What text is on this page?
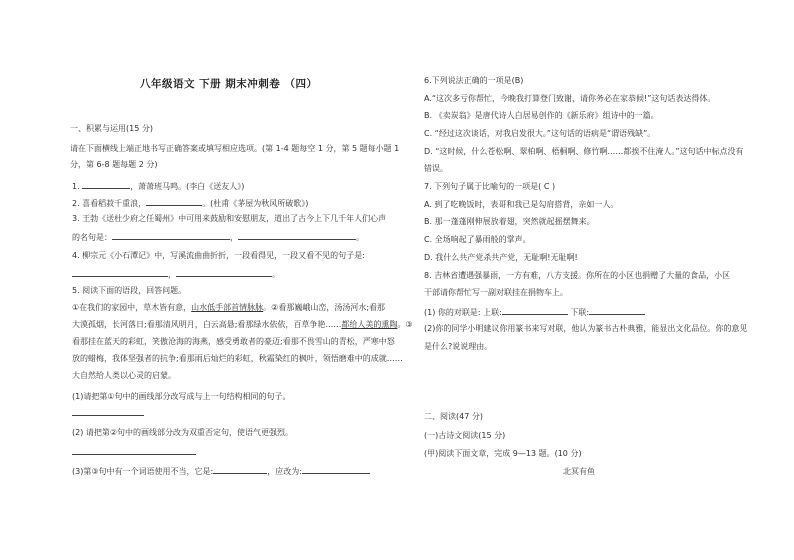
八年级语文 下册 期末冲刺卷 （四）
一、积累与运用(15 分)
请在下面横线上端正地书写正确答案或填写相应选项。(第 1-4 题每空 1 分，第 5 题每小题 1
分，第 6-8 题每题 2 分)
1.	，萧萧班马鸣。(李白《送友人》)
2. 喜看稻菽千重浪，	。(杜甫《茅屋为秋风所破歌》)
3. 王勃《送杜少府之任蜀州》中可用来鼓励和安慰朋友，道出了古今上下几千年人们心声
的名句是：	，	。
4. 柳宗元《小石潭记》中，写溪流曲曲折折，一段看得见，一段又看不见的句子是:
，	。
5. 阅读下面的语段，回答问题。
①在我们的家园中，草木皆有意，山水低手部首情脉脉。②看那巍峨山峦，汤汤河水;看那
大漠孤烟，长河落日;看那清风明月，白云高悬;看那绿水依依，百草争艳……都给人美的熏陶。③
看那挂在蓝天的彩虹，笑傲沧海的海燕，感受勇敢者的豪迈;看那不畏雪山的青松，严寒中怒
放的蜡梅，我体坚强者的抗争;看那雨后灿烂的彩虹，秋霜染红的枫叶，领悟磨难中的成就……
大自然给人类以心灵的启蒙。
(1)请把第①句中的画线部分改写成与上一句结构相同的句子。
(2) 请把第②句中的画线部分改为双重否定句，使语气更强烈。
(3)第③句中有一个词语使用不当，它是:	，应改为:
6.下列说法正确的一项是(B)
A.“这次多亏你帮忙，今晚我打算登门致谢，请你务必在家恭候!”这句话表达得体。
B. 《卖炭翁》是唐代诗人白居易创作的《新乐府》组诗中的一篇。
C. “经过这次谈话，对我启发很大。”这句话的语病是“谓语残缺”。
D. “这时候，什么苍松啊、翠柏啊、梧桐啊、修竹啊……都挨不住淹人。”这句话中标点没有
错误。
7. 下列句子属于比喻句的一项是( C )
A. 到了吃晚饭时，表哥和我已是勾肩搭背，亲如一人。
B. 那一蓬蓬刚伸展放着翅，突然就起摇摆舞来。
C. 全场响起了暴雨般的掌声。
D. 我什么共产党杀共产党，无耻啊!无耻啊!
8. 吉林省遭遇强暴雨，一方有难，八方支援。你所在的小区也捐赠了大量的食品，小区
干部请你帮忙写一副对联挂在捐物车上。
(1) 你的对联是: 上联:	下联:
(2)你的同学小明建议你用篆书来写对联，他认为篆书古朴典雅，能显出文化品位。你的意见
是什么?说说理由。
二、阅读(47 分)
(一)古诗文阅读(15 分)
(甲)阅读下面文章，完成 9—13 题。(10 分)
北冥有鱼
